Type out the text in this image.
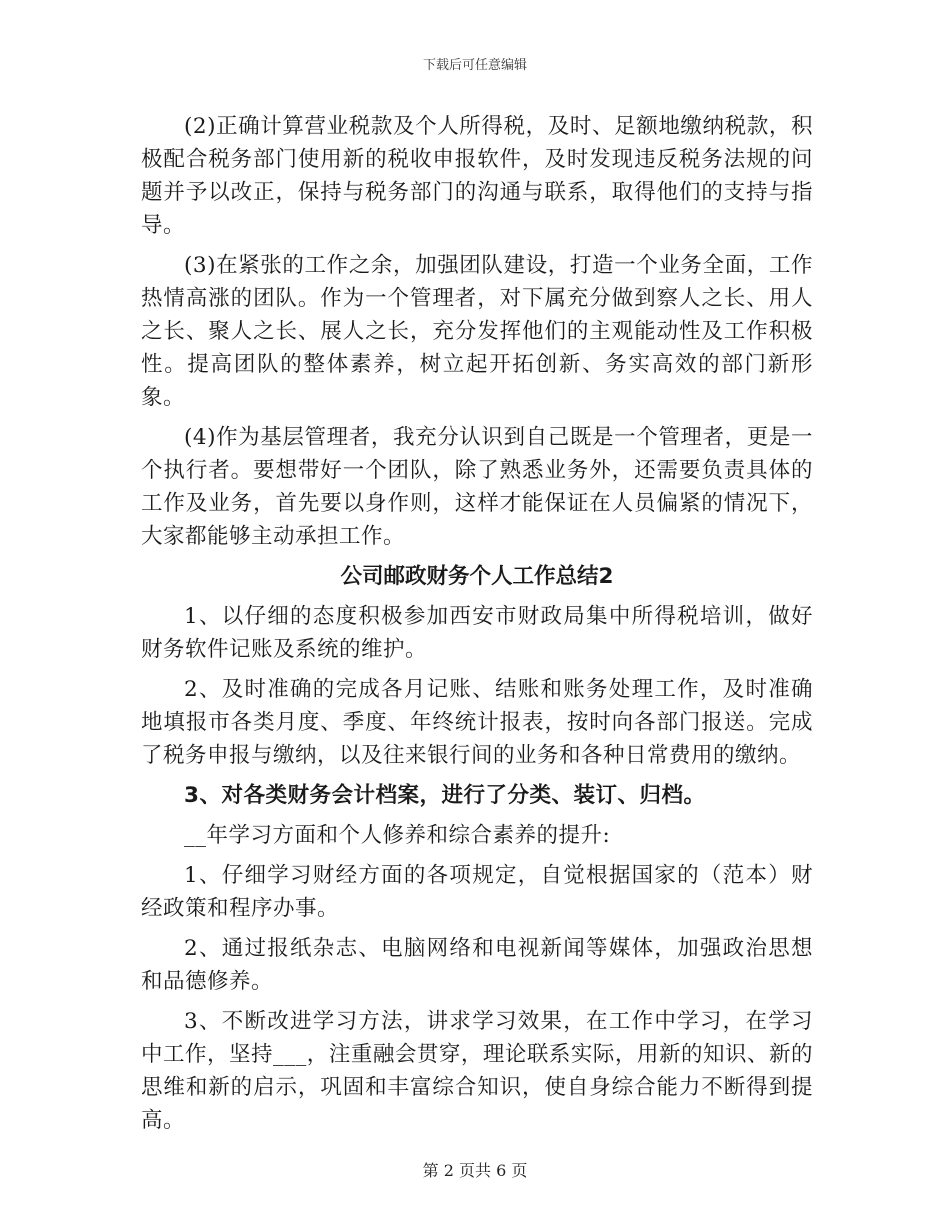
下载后可任意编辑

(2)正确计算营业税款及个人所得税，及时、足额地缴纳税款，积极配合税务部门使用新的税收申报软件，及时发现违反税务法规的问题并予以改正，保持与税务部门的沟通与联系，取得他们的支持与指导。

(3)在紧张的工作之余，加强团队建设，打造一个业务全面，工作热情高涨的团队。作为一个管理者，对下属充分做到察人之长、用人之长、聚人之长、展人之长，充分发挥他们的主观能动性及工作积极性。提高团队的整体素养，树立起开拓创新、务实高效的部门新形象。

(4)作为基层管理者，我充分认识到自己既是一个管理者，更是一个执行者。要想带好一个团队，除了熟悉业务外，还需要负责具体的工作及业务，首先要以身作则，这样才能保证在人员偏紧的情况下，大家都能够主动承担工作。

公司邮政财务个人工作总结2

1、以仔细的态度积极参加西安市财政局集中所得税培训，做好财务软件记账及系统的维护。

2、及时准确的完成各月记账、结账和账务处理工作，及时准确地填报市各类月度、季度、年终统计报表，按时向各部门报送。完成了税务申报与缴纳，以及往来银行间的业务和各种日常费用的缴纳。

3、对各类财务会计档案，进行了分类、装订、归档。

__年学习方面和个人修养和综合素养的提升:

1、仔细学习财经方面的各项规定，自觉根据国家的（范本）财经政策和程序办事。

2、通过报纸杂志、电脑网络和电视新闻等媒体，加强政治思想和品德修养。

3、不断改进学习方法，讲求学习效果，在工作中学习，在学习中工作，坚持___，注重融会贯穿，理论联系实际，用新的知识、新的思维和新的启示，巩固和丰富综合知识，使自身综合能力不断得到提高。

第 2 页共 6 页
